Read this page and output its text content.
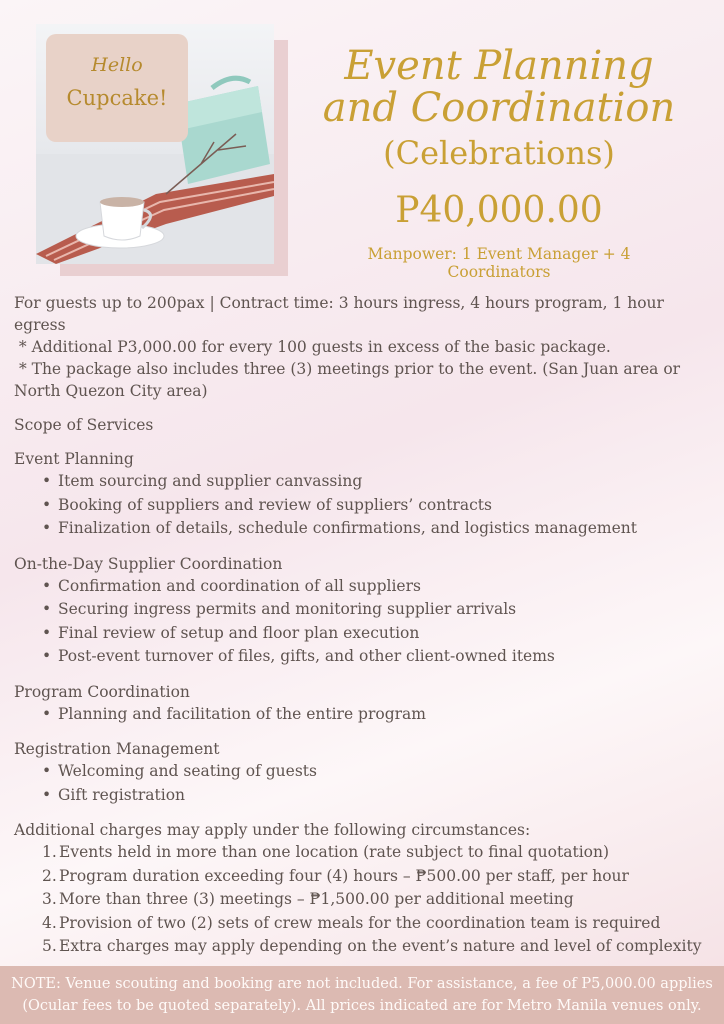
Hello
Cupcake!
Event Planning
and Coordination
(Celebrations)
P40,000.00
Manpower: 1 Event Manager + 4 Coordinators

For guests up to 200pax | Contract time: 3 hours ingress, 4 hours program, 1 hour egress

* Additional P3,000.00 for every 100 guests in excess of the basic package.

* The package also includes three (3) meetings prior to the event. (San Juan area or North Quezon City area)

Scope of Services

Event Planning

• Item sourcing and supplier canvassing
• Booking of suppliers and review of suppliers’ contracts
• Finalization of details, schedule confirmations, and logistics management

On-the-Day Supplier Coordination

• Confirmation and coordination of all suppliers
• Securing ingress permits and monitoring supplier arrivals
• Final review of setup and floor plan execution
• Post-event turnover of files, gifts, and other client-owned items

Program Coordination

• Planning and facilitation of the entire program

Registration Management

• Welcoming and seating of guests
• Gift registration

Additional charges may apply under the following circumstances:

1. Events held in more than one location (rate subject to final quotation)
2. Program duration exceeding four (4) hours – ₱500.00 per staff, per hour
3. More than three (3) meetings – ₱1,500.00 per additional meeting
4. Provision of two (2) sets of crew meals for the coordination team is required
5. Extra charges may apply depending on the event’s nature and level of complexity

NOTE: Venue scouting and booking are not included. For assistance, a fee of P5,000.00 applies

(Ocular fees to be quoted separately). All prices indicated are for Metro Manila venues only.
